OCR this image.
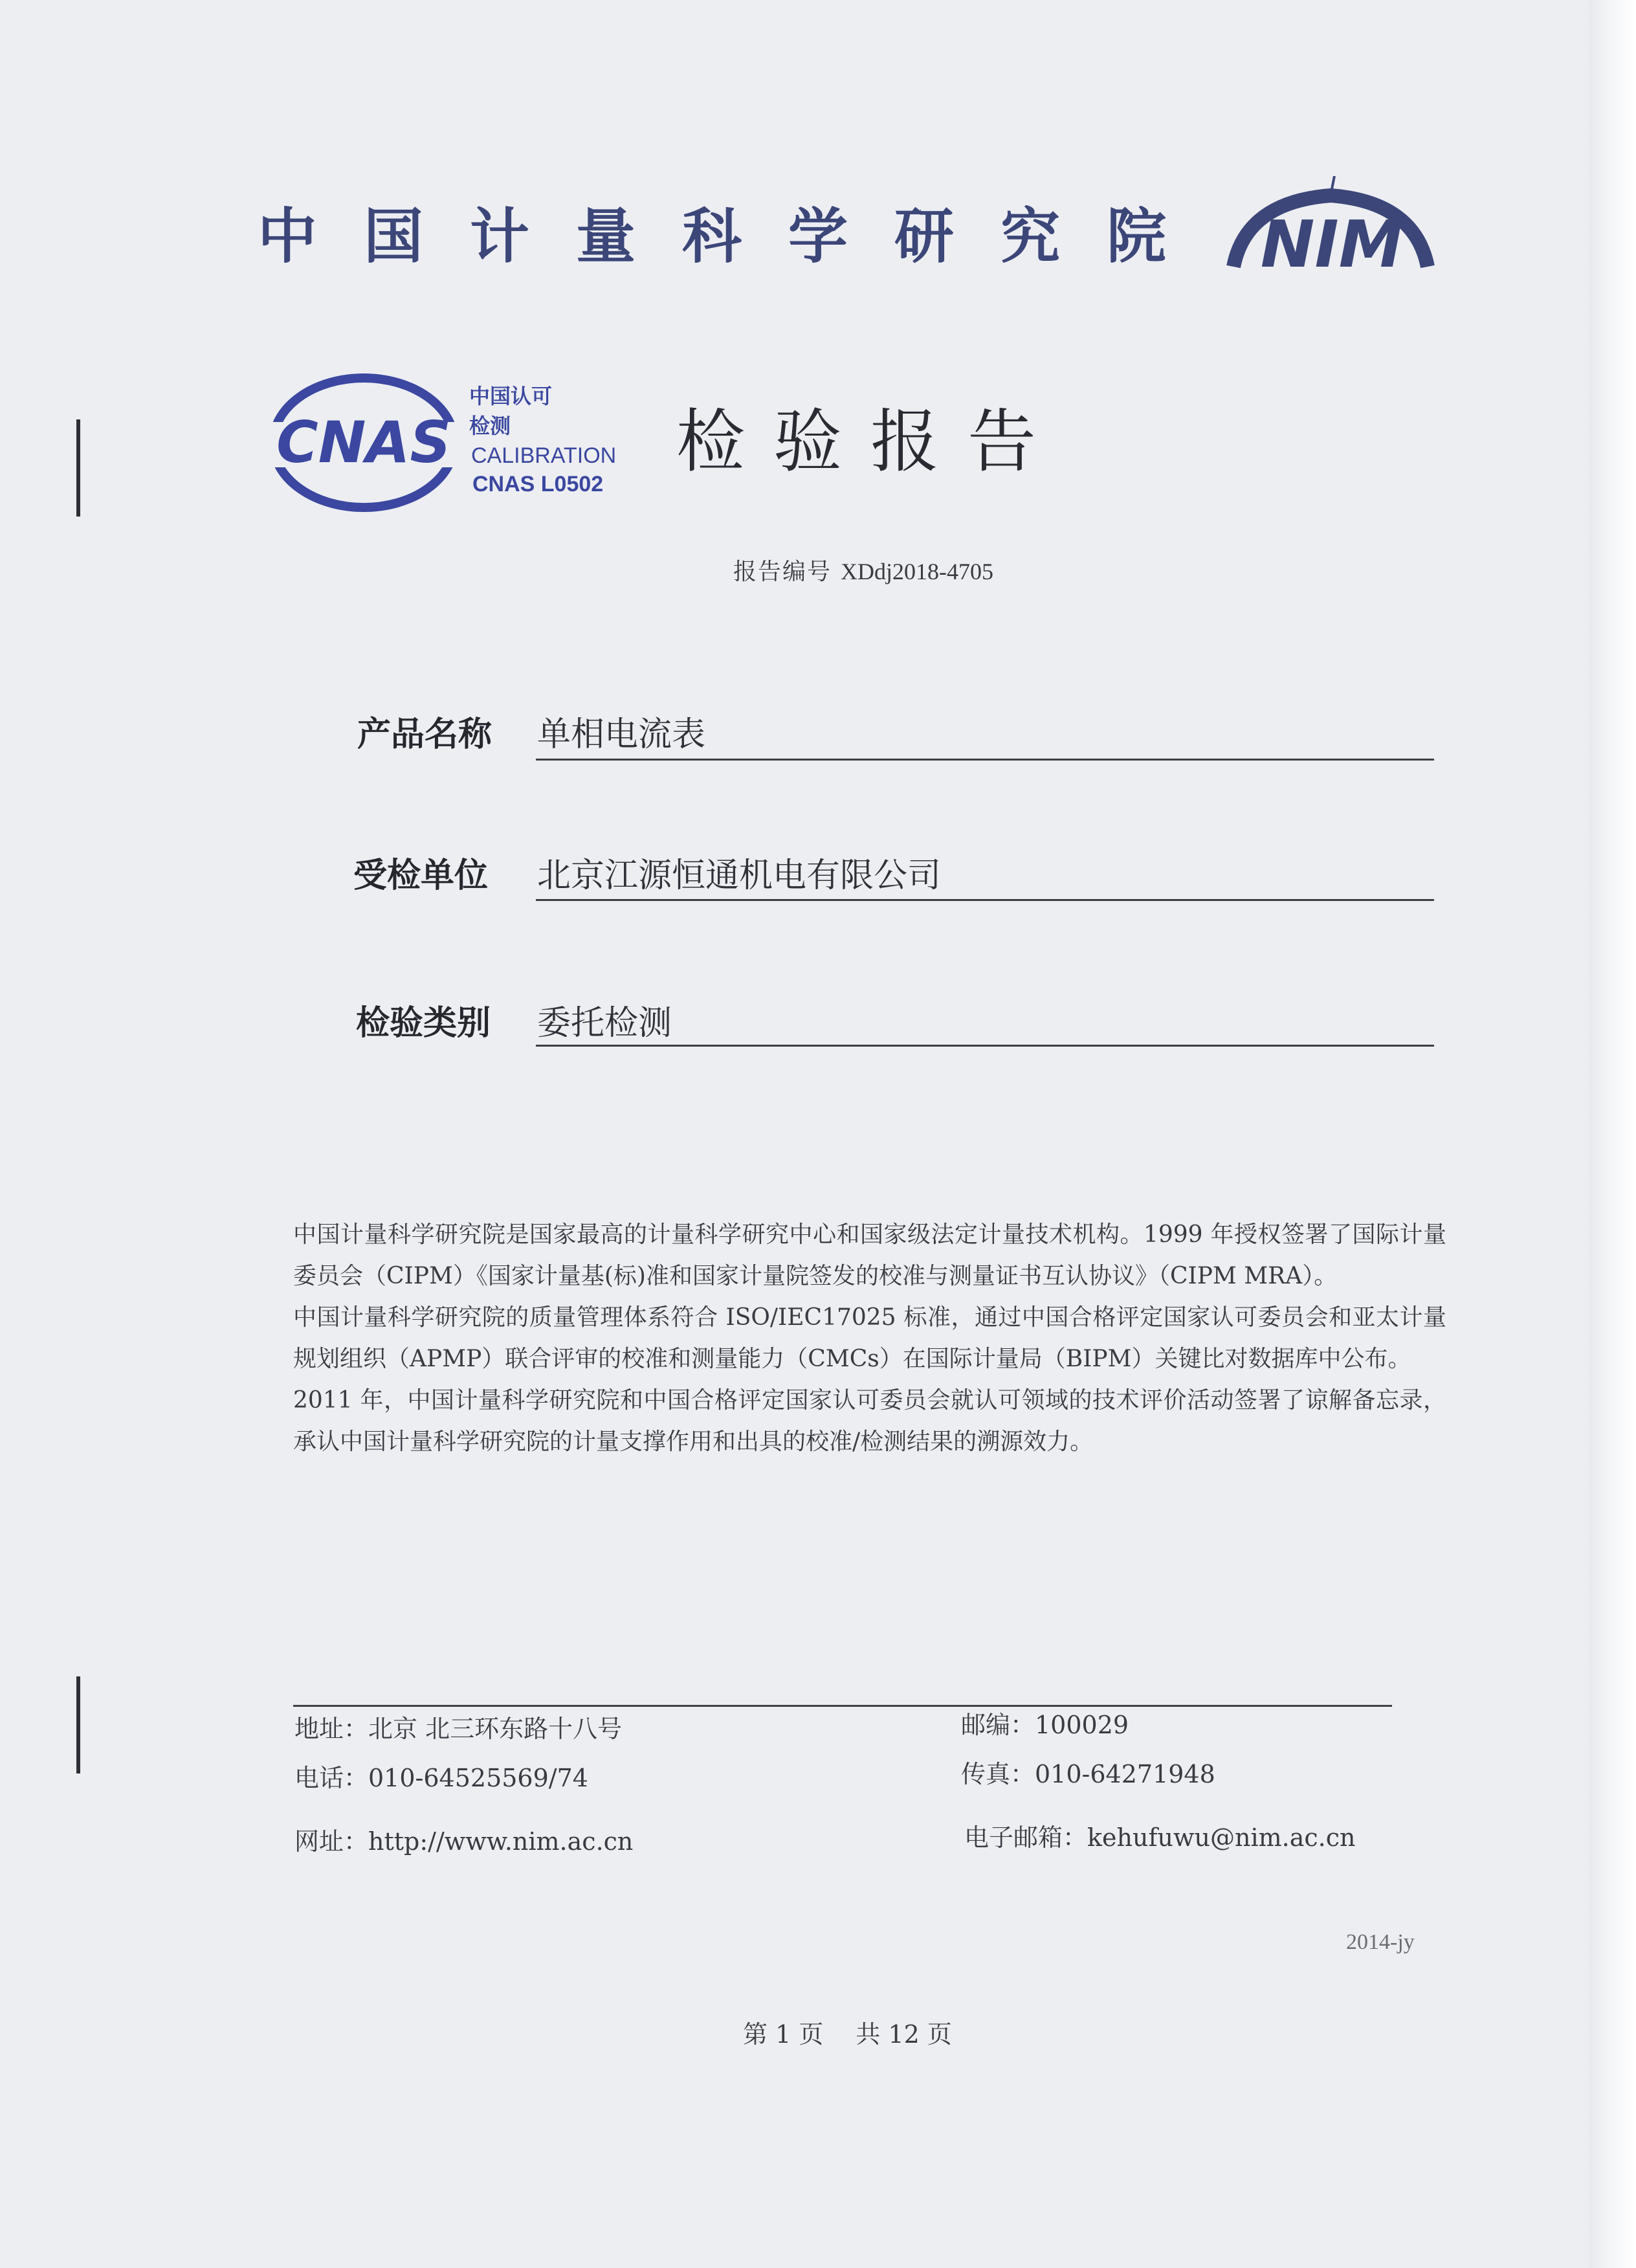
中国计量科学研究院 NIM
CNAS
中国认可
检测
CALIBRATION
CNAS L0502
检验报告
报告编号 XDdj2018-4705
产品名称 单相电流表
受检单位 北京江源恒通机电有限公司
检验类别 委托检测

中国计量科学研究院是国家最高的计量科学研究中心和国家级法定计量技术机构。1999 年授权签署了国际计量委员会（CIPM）《国家计量基(标)准和国家计量院签发的校准与测量证书互认协议》（CIPM MRA）。

中国计量科学研究院的质量管理体系符合 ISO/IEC17025 标准，通过中国合格评定国家认可委员会和亚太计量规划组织（APMP）联合评审的校准和测量能力（CMCs）在国际计量局（BIPM）关键比对数据库中公布。

2011 年，中国计量科学研究院和中国合格评定国家认可委员会就认可领域的技术评价活动签署了谅解备忘录，承认中国计量科学研究院的计量支撑作用和出具的校准/检测结果的溯源效力。

地址：北京 北三环东路十八号	邮编：100029
电话：010-64525569/74	传真：010-64271948
网址：http://www.nim.ac.cn	电子邮箱：kehufuwu@nim.ac.cn
2014-jy
第 1 页　 共 12 页
